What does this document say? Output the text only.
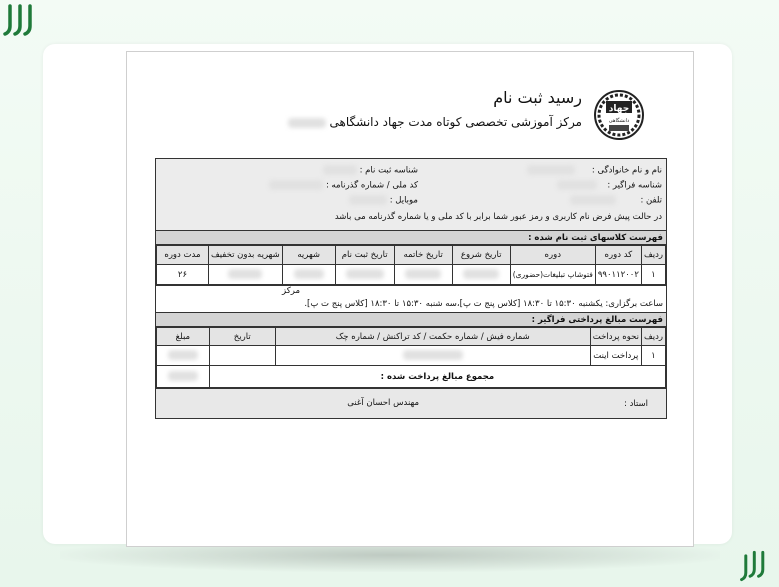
رسید ثبت نام
مرکز آموزشی تخصصی کوتاه مدت جهاد دانشگاهی
جهاد
دانشگاهی
نام و نام خانوادگی :
شناسه ثبت نام :
شناسه فراگیر :
کد ملی / شماره گذرنامه :
تلفن :
موبایل :
در حالت پیش فرض نام کاربری و رمز عبور شما برابر با کد ملی و یا شماره گذرنامه می باشد
فهرست کلاسهای ثبت نام شده :
ردیف	کد دوره	دوره	تاریخ شروع	تاریخ خاتمه	تاریخ ثبت نام	شهریه	شهریه بدون تخفیف	مدت دوره
۱	۹۹۰۱۱۲۰۰۲	فتوشاپ تبلیغات(حضوری)						۲۶
مرکز
ساعت برگزاری: یکشنبه ۱۵:۳۰ تا ۱۸:۳۰ [کلاس پنج ت پ]،سه شنبه ۱۵:۳۰ تا ۱۸:۳۰ [کلاس پنج ت پ].
فهرست مبالغ پرداختی فراگیر :
ردیف	نحوه پرداخت	شماره فیش / شماره حکمت / کد تراکنش / شماره چک	تاریخ	مبلغ
۱	پرداخت اینت			
مجموع مبالغ پرداخت شده :				
استاد :
مهندس احسان آغنی
